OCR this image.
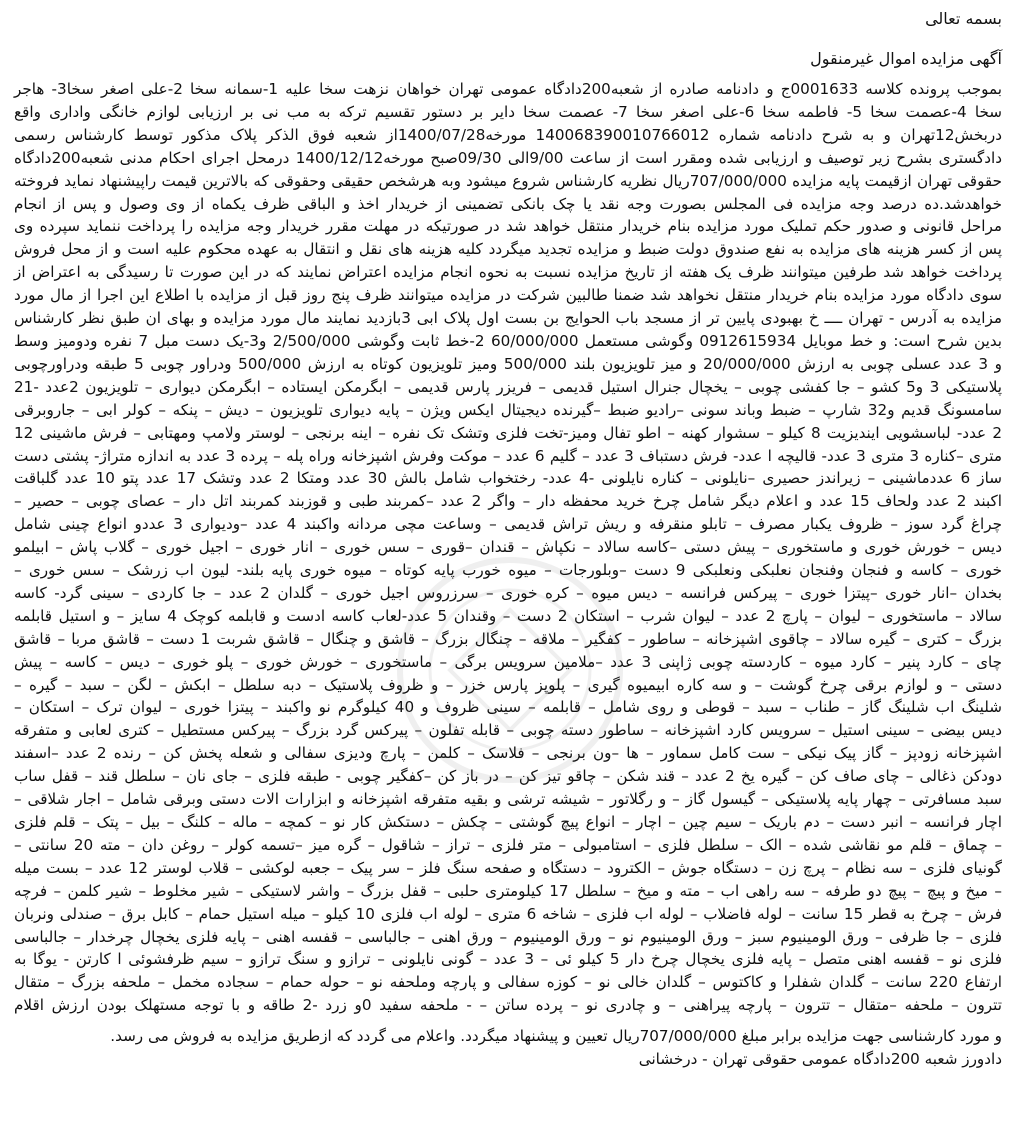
بسمه تعالی
آگهی مزایده اموال غیرمنقول
بموجب پرونده کلاسه 0001633ج و دادنامه صادره از شعبه200دادگاه عمومی تهران خواهان نزهت سخا علیه 1-سمانه سخا 2-علی اصغر سخا3- هاجر
سخا 4-عصمت سخا 5- فاطمه سخا 6-علی اصغر سخا 7- عصمت سخا دایر بر دستور تقسیم ترکه به مب نی بر ارزیابی لوازم خانگی واداری واقع
دربخش12تهران و به شرح دادنامه شماره 140068390010766012 مورخه1400/07/28از شعبه فوق الذکر پلاک مذکور توسط کارشناس رسمی
دادگستری بشرح زیر توصیف و ارزیابی شده ومقرر است از ساعت 9/00الی 09/30صبح مورخه1400/12/12 درمحل اجرای احکام مدنی شعبه200دادگاه
حقوقی تهران ازقیمت پایه مزایده 707/000/000ریال نظریه کارشناس شروع میشود وبه هرشخص حقیقی وحقوقی که بالاترین قیمت راپیشنهاد نماید فروخته
خواهدشد.ده درصد وجه مزایده فی المجلس بصورت وجه نقد یا چک بانکی تضمینی از خریدار اخذ و الباقی ظرف یکماه از وی وصول و پس از انجام
مراحل قانونی و صدور حکم تملیک مورد مزایده بنام خریدار منتقل خواهد شد در صورتیکه در مهلت مقرر خریدار وجه مزایده را پرداخت ننماید سپرده وی
پس از کسر هزینه های مزایده به نفع صندوق دولت ضبط و مزایده تجدید میگردد کلیه هزینه های نقل و انتقال به عهده محکوم علیه است و از محل فروش
پرداخت خواهد شد طرفین میتوانند ظرف یک هفته از تاریخ مزایده نسبت به نحوه انجام مزایده اعتراض نمایند که در این صورت تا رسیدگی به اعتراض از
سوی دادگاه مورد مزایده بنام خریدار منتقل نخواهد شد ضمنا طالبین شرکت در مزایده میتوانند ظرف پنج روز قبل از مزایده با اطلاع این اجرا از مال مورد
مزایده به آدرس - تهران ــــ خ بهبودی پایین تر از مسجد باب الحوایج بن بست اول پلاک ابی 3بازدید نمایند مال مورد مزایده و بهای ان طبق نظر کارشناس
بدین شرح است: و خط موبایل 0912615934 وگوشی مستعمل 60/000/000 2-خط ثابت وگوشی 2/500/000 و3-یک دست مبل 7 نفره ودومیز وسط
و 3 عدد عسلی چوبی به ارزش 20/000/000 و میز تلویزیون بلند 500/000 ومیز تلویزیون کوتاه به ارزش 500/000 ودراور چوبی 5 طبقه ودراورچوبی
پلاستیکی 3 و5 کشو – جا کفشی چوبی – یخچال جنرال استیل قدیمی – فریزر پارس قدیمی – ابگرمکن ایستاده – ابگرمکن دیواری – تلویزیون 2عدد -21
سامسونگ قدیم و32 شارپ – ضبط وباند سونی –رادیو ضبط –گیرنده دیجیتال ایکس ویژن – پایه دیواری تلویزیون – دیش – پنکه – کولر ابی – جاروبرقی
2 عدد- لباسشویی ایندیزیت 8 کیلو – سشوار کهنه – اطو تفال ومیز-تخت فلزی وتشک تک نفره – اینه برنجی – لوستر ولامپ ومهتابی – فرش ماشینی 12
متری –کناره 3 متری 3 عدد- قالیچه ا عدد- فرش دستباف 3 عدد – گلیم 6 عدد – موکت وفرش اشپزخانه وراه پله – پرده 3 عدد به اندازه متراژ- پشتی دست
ساز 6 عددماشینی – زیراندز حصیری –نایلونی – کناره نایلونی -4 عدد- رختخواب شامل بالش 30 عدد ومتکا 2 عدد وتشک 17 عدد پتو 10 عدد گلباقت
اکبند 2 عدد ولحاف 15 عدد و اعلام دیگر شامل چرخ خرید محفظه دار – واگر 2 عدد –کمربند طبی و قوزبند کمربند اتل دار – عصای چوبی – حصیر –
چراغ گرد سوز – ظروف یکبار مصرف – تابلو منقرفه و ریش تراش قدیمی – وساعت مچی مردانه واکبند 4 عدد –ودیواری 3 عددو انواع چینی شامل
دیس – خورش خوری و ماستخوری – پیش دستی –کاسه سالاد – نکپاش – قندان –قوری – سس خوری – انار خوری – اجیل خوری – گلاب پاش – ابیلمو
خوری – کاسه و فنجان وفنجان نعلبکی ونعلبکی 9 دست –وبلورجات – میوه خورب پایه کوتاه – میوه خوری پایه بلند- لیون اب زرشک – سس خوری –
بخدان –انار خوری –پیتزا خوری – پیرکس فرانسه – دیس میوه – کره خوری – سرزروس اجیل خوری – گلدان 2 عدد – جا کاردی – سینی گرد- کاسه
سالاد – ماستخوری – لیوان – پارچ 2 عدد – لیوان شرب – استکان 2 دست – وقندان 5 عدد-لعاب کاسه ادست و قابلمه کوچک 4 سایز – و استیل قابلمه
بزرگ – کتری – گیره سالاد – چاقوی اشپزخانه – ساطور – کفگیر – ملاقه – چنگال بزرگ – قاشق و چنگال – قاشق شربت 1 دست – قاشق مربا – قاشق
چای – کارد پنیر – کارد میوه – کاردسته چوبی ژاپنی 3 عدد –ملامین سرویس برگی – ماستخوری – خورش خوری – پلو خوری – دیس – کاسه – پیش
دستی – و لوازم برقی چرخ گوشت – و سه کاره ابیمیوه گیری – پلوپز پارس خزر – و ظروف پلاستیک – دبه سلطل – ابکش – لگن – سبد – گیره –
شلینگ اب شلینگ گاز – طناب – سبد – قوطی و روی شامل – قابلمه – سینی ظروف و 40 کیلوگرم نو واکبند – پیتزا خوری – لیوان ترک – استکان –
دیس بیضی – سینی استیل – سرویس کارد اشپزخانه – ساطور دسته چوبی – قابله تفلون – پیرکس گرد بزرگ – پیرکس مستطیل – کتری لعابی و متفرقه
اشپزخانه زودپز – گاز پیک نیکی – ست کامل سماور – ها –ون برنجی – فلاسک – کلمن – پارچ ودیزی سفالی و شعله پخش کن – رنده 2 عدد –اسفند
دودکن ذغالی – چای صاف کن – گیره یخ 2 عدد – قند شکن – چاقو تیز کن – در باز کن –کفگیر چوبی - طبقه فلزی – جای نان – سلطل قند – قفل ساب
سبد مسافرتی – چهار پایه پلاستیکی – گیسول گاز – و رگلاتور – شیشه ترشی و بقیه متفرقه اشپزخانه و ابزارات الات دستی وبرقی شامل – اجار شلاقی –
اچار فرانسه – انبر دست – دم باریک – سیم چین – اچار – انواع پیچ گوشتی – چکش – دستکش کار نو – کمچه – ماله – کلنگ – بیل – پتک – قلم فلزی
– چماق – قلم مو نقاشی شده – الک – سلطل فلزی – استامبولی – متر فلزی – تراز – شاقول – گره میز –تسمه کولر – روغن دان – مته 20 سانتی –
گونیای فلزی – سه نظام – پرچ زن – دستگاه جوش – الکترود – دستگاه و صفحه سنگ فلز – سر پیک – جعبه لوکشی – قلاب لوستر 12 عدد – بست میله
– میخ و پیچ – پیچ دو طرفه – سه راهی اب – مته و میخ – سلطل 17 کیلومتری حلبی – قفل بزرگ – واشر لاستیکی – شیر مخلوط – شیر کلمن – فرچه
فرش – چرخ به قطر 15 سانت – لوله فاضلاب – لوله اب فلزی – شاخه 6 متری – لوله اب فلزی 10 کیلو – میله استیل حمام – کابل برق – صندلی ونربان
فلزی – جا ظرفی – ورق الومینیوم سبز – ورق الومینیوم نو – ورق الومینیوم – ورق اهنی – جالباسی – قفسه اهنی – پایه فلزی یخچال چرخدار – جالباسی
فلزی نو – قفسه اهنی متصل – پایه فلزی یخچال چرخ دار 5 کیلو ئی – 3 عدد – گونی نایلونی – ترازو و سنگ ترازو – سیم ظرفشوئی ا کارتن - یوگا به
ارتفاع 220 سانت – گلدان شفلرا و کاکتوس – گلدان خالی نو – کوزه سفالی و پارچه وملحفه نو – حوله حمام – سجاده مخمل – ملحفه بزرگ – متقال
تترون – ملحفه –متقال – تترون – پارچه پیراهنی – و چادری نو – پرده ساتن – - ملحفه سفید 0و زرد -2 طاقه و با توجه مستهلک بودن ارزش اقلام
و مورد کارشناسی جهت مزایده برابر مبلغ 707/000/000ریال تعیین و پیشنهاد میگردد. واعلام می گردد که ازطریق مزایده به فروش می رسد.
دادورز شعبه 200دادگاه عمومی حقوقی تهران - درخشانی
